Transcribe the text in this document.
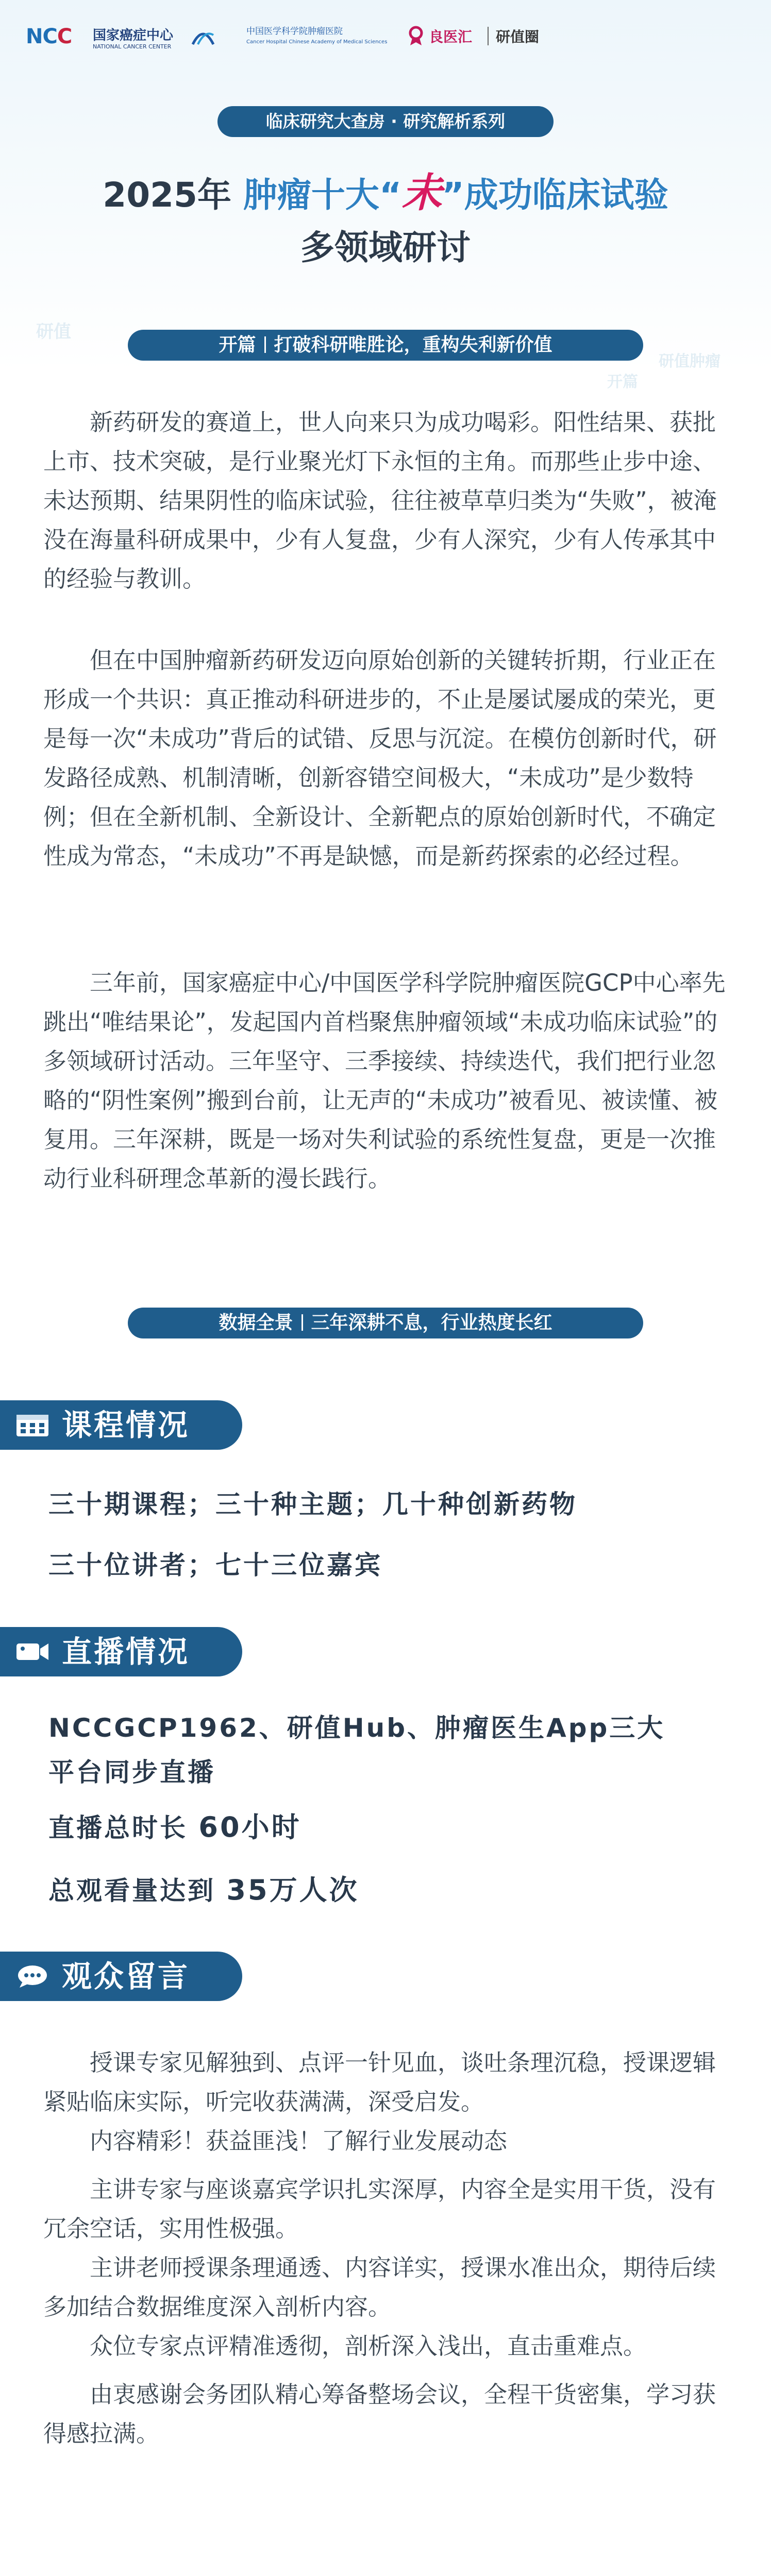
NCC 国家癌症中心
NATIONAL CANCER CENTER
中国医学科学院肿瘤医院
Cancer Hospital Chinese Academy of Medical Sciences	良医汇 研值圈
临床研究大查房 · 研究解析系列
2025年 肿瘤十大“未”成功临床试验
多领域研讨
研值
研值肿瘤
开篇
开篇 打破科研唯胜论，重构失利新价值

新药研发的赛道上，世人向来只为成功喝彩。阳性结果、获批上市、技术突破，是行业聚光灯下永恒的主角。而那些止步中途、未达预期、结果阴性的临床试验，往往被草草归类为“失败”，被淹没在海量科研成果中，少有人复盘，少有人深究，少有人传承其中的经验与教训。

但在中国肿瘤新药研发迈向原始创新的关键转折期，行业正在形成一个共识：真正推动科研进步的，不止是屡试屡成的荣光，更是每一次“未成功”背后的试错、反思与沉淀。在模仿创新时代，研发路径成熟、机制清晰，创新容错空间极大，“未成功”是少数特例；但在全新机制、全新设计、全新靶点的原始创新时代，不确定性成为常态，“未成功”不再是缺憾，而是新药探索的必经过程。

三年前，国家癌症中心/中国医学科学院肿瘤医院GCP中心率先跳出“唯结果论”，发起国内首档聚焦肿瘤领域“未成功临床试验”的多领域研讨活动。三年坚守、三季接续、持续迭代，我们把行业忽略的“阴性案例”搬到台前，让无声的“未成功”被看见、被读懂、被复用。三年深耕，既是一场对失利试验的系统性复盘，更是一次推动行业科研理念革新的漫长践行。

数据全景 三年深耕不息，行业热度长红
课程情况
三十期课程；三十种主题；几十种创新药物
三十位讲者；七十三位嘉宾
直播情况
NCCGCP1962、研值Hub、肿瘤医生App三大
平台同步直播
直播总时长 60小时
总观看量达到 35万人次
观众留言

授课专家见解独到、点评一针见血，谈吐条理沉稳，授课逻辑紧贴临床实际，听完收获满满，深受启发。

内容精彩！获益匪浅！了解行业发展动态

主讲专家与座谈嘉宾学识扎实深厚，内容全是实用干货，没有冗余空话，实用性极强。

主讲老师授课条理通透、内容详实，授课水准出众，期待后续多加结合数据维度深入剖析内容。

众位专家点评精准透彻，剖析深入浅出，直击重难点。

由衷感谢会务团队精心筹备整场会议，全程干货密集，学习获得感拉满。
